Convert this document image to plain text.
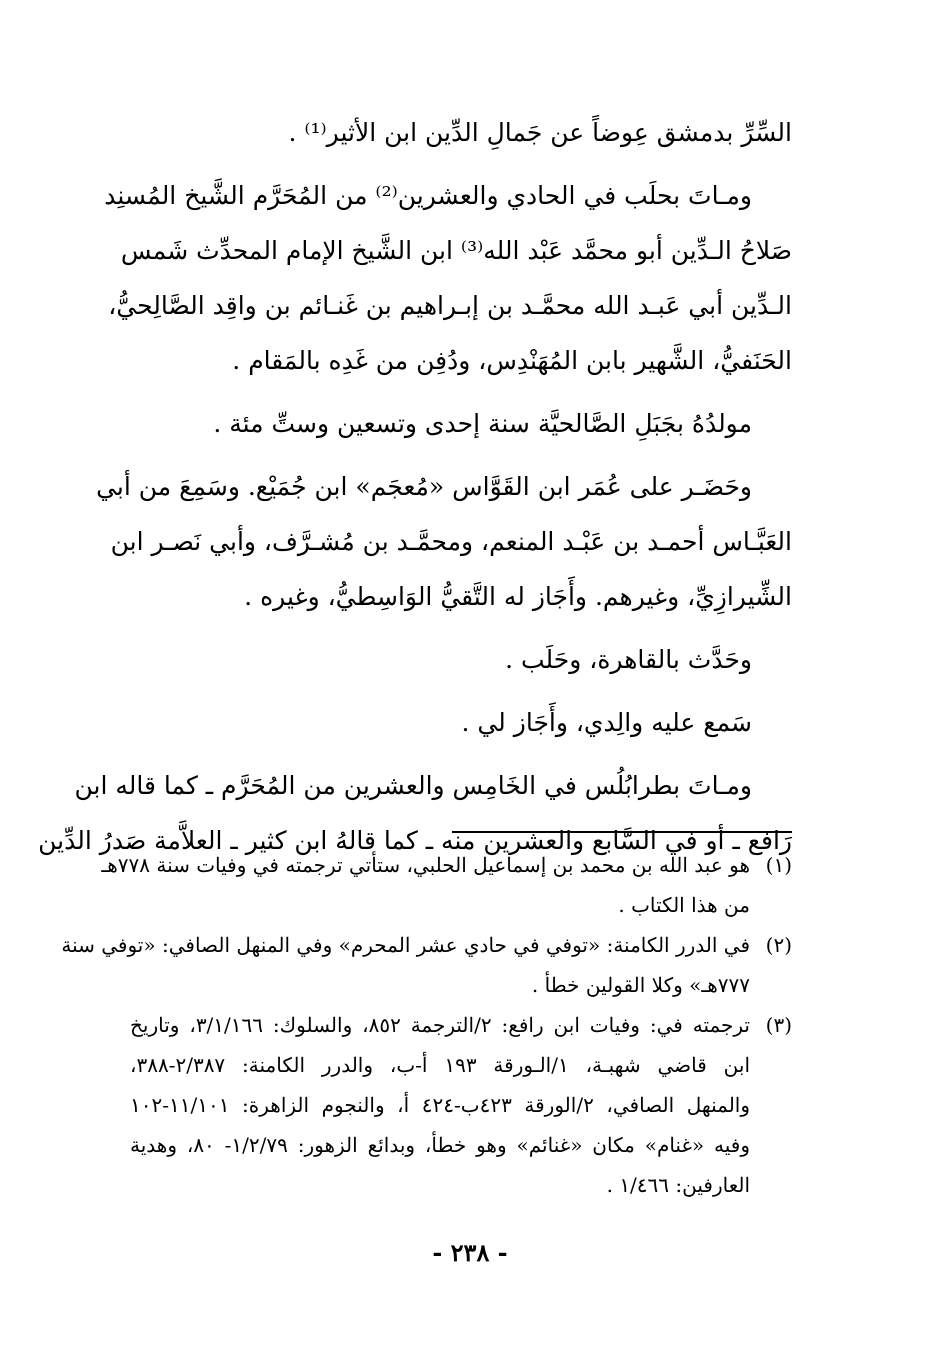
السِّرِّ بدمشق عِوضاً عن جَمالِ الدِّين ابن الأثير⁽¹⁾ .
ومـاتَ بحلَب في الحادي والعشرين⁽²⁾ من المُحَرَّم الشَّيخ المُسنِد
صَلاحُ الـدِّين أبو محمَّد عَبْد الله⁽³⁾ ابن الشَّيخ الإمام المحدِّث شَمس
الـدِّين أبي عَبـد الله محمَّـد بن إبـراهيم بن غَنـائم بن واقِد الصَّالِحيُّ،
الحَنَفيُّ، الشَّهير بابن المُهَنْدِس، ودُفِن من غَدِه بالمَقام .
مولدُهُ بجَبَلِ الصَّالحيَّة سنة إحدى وتسعين وستِّ مئة .
وحَضَـر على عُمَر ابن القَوَّاس «مُعجَم» ابن جُمَيْع. وسَمِعَ من أبي
العَبَّـاس أحمـد بن عَبْـد المنعم، ومحمَّـد بن مُشـرَّف، وأبي نَصـر ابن
الشِّيرازِيِّ، وغيرهم. وأَجَاز له التَّقيُّ الوَاسِطيُّ، وغيره .
وحَدَّث بالقاهرة، وحَلَب .
سَمع عليه والِدي، وأَجَاز لي .
ومـاتَ بطرابُلُس في الخَامِس والعشرين من المُحَرَّم ـ كما قاله ابن
رَافع ـ أو في السَّابع والعشرين منه ـ كما قالهُ ابن كثير ـ العلاَّمة صَدرُ الدِّين
(١)
هو عبد الله بن محمد بن إسماعيل الحلبي، ستأتي ترجمته في وفيات سنة ٧٧٨هـ
من هذا الكتاب .
(٢)
في الدرر الكامنة: «توفي في حادي عشر المحرم» وفي المنهل الصافي: «توفي سنة
٧٧٧هـ» وكلا القولين خطأ .
(٣)
ترجمته في: وفيات ابن رافع: ٢/الترجمة ٨٥٢، والسلوك: ٣/١/١٦٦، وتاريخ
ابن قاضي شهبـة، ١/الـورقة ١٩٣ أ-ب، والدرر الكامنة: ٢/٣٨٧-٣٨٨،
والمنهل الصافي، ٢/الورقة ٤٢٣ب-٤٢٤ أ، والنجوم الزاهرة: ١١/١٠١-١٠٢
وفيه «غنام» مكان «غنائم» وهو خطأ، وبدائع الزهور: ١/٢/٧٩- ٨٠، وهدية
العارفين: ١/٤٦٦ .
- ٢٣٨ -
